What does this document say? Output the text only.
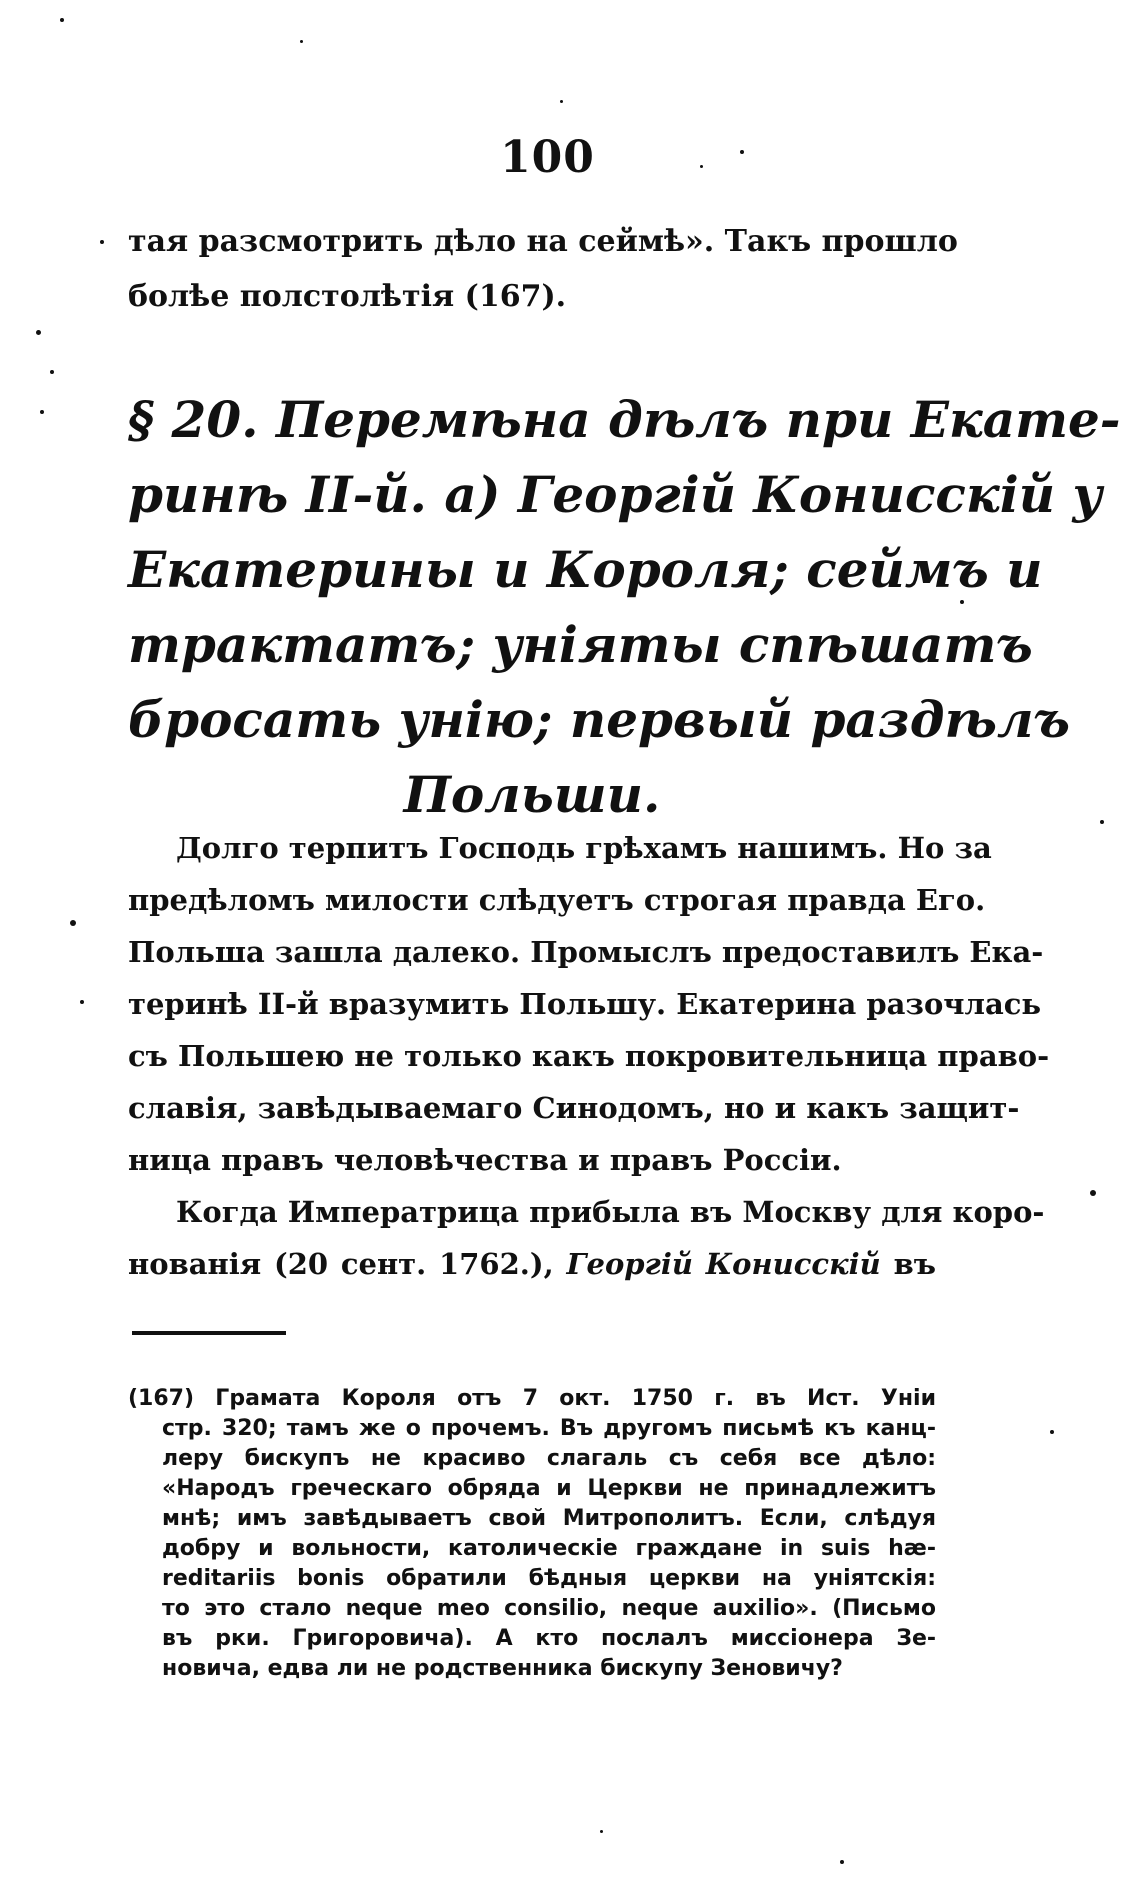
100
тая разсмотрить дѣло на сеймѣ». Такъ прошло
болѣе полстолѣтія (167).
§ 20. Перемѣна дѣлъ при Екате-
ринѣ II-й. а) Георгій Конисскій у
Екатерины и Короля; сеймъ и
трактатъ; уніяты спѣшатъ
бросать унію; первый раздѣлъ
Польши.
Долго терпитъ Господь грѣхамъ нашимъ. Но за
предѣломъ милости слѣдуетъ строгая правда Его.
Польша зашла далеко. Промыслъ предоставилъ Ека-
теринѣ II-й вразумить Польшу. Екатерина разочлась
съ Польшею не только какъ покровительница право-
славія, завѣдываемаго Синодомъ, но и какъ защит-
ница правъ человѣчества и правъ Россіи.
Когда Императрица прибыла въ Москву для коро-
нованія (20 сент. 1762.), Георгій Конисскій въ
(167) Грамата Короля отъ 7 окт. 1750 г. въ Ист. Уніи
стр. 320; тамъ же о прочемъ. Въ другомъ письмѣ къ канц-
леру бискупъ не красиво слагаль съ себя все дѣло:
«Народъ греческаго обряда и Церкви не принадлежитъ
мнѣ; имъ завѣдываетъ свой Митрополитъ. Если, слѣдуя
добру и вольности, католическіе граждане in suis hæ-
reditariis bonis обратили бѣдныя церкви на уніятскія:
то это стало neque meo consilio, neque auxilio». (Письмо
въ рки. Григоровича). А кто послалъ миссіонера Зе-
новича, едва ли не родственника бискупу Зеновичу?
